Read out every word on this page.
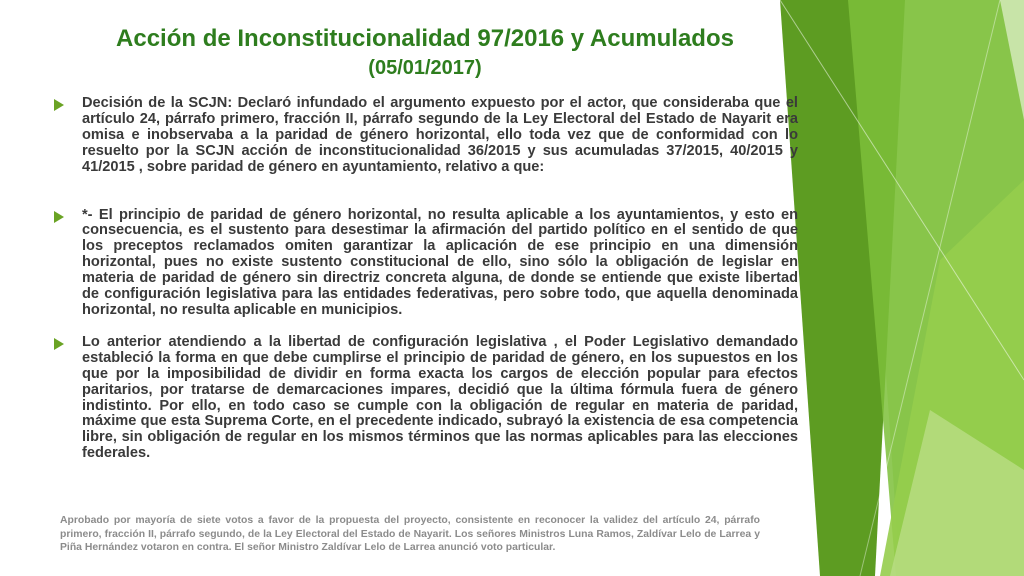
Acción de Inconstitucionalidad 97/2016 y Acumulados
(05/01/2017)

Decisión de la SCJN: Declaró infundado el argumento expuesto por el actor, que consideraba que el artículo 24, párrafo primero, fracción II, párrafo segundo de la Ley Electoral del Estado de Nayarit era omisa e inobservaba a la paridad de género horizontal, ello toda vez que de conformidad con lo resuelto por la SCJN acción de inconstitucionalidad 36/2015 y sus acumuladas 37/2015, 40/2015 y 41/2015 , sobre paridad de género en ayuntamiento, relativo a que:

*- El principio de paridad de género horizontal, no resulta aplicable a los ayuntamientos, y esto en consecuencia, es el sustento para desestimar la afirmación del partido político en el sentido de que los preceptos reclamados omiten garantizar la aplicación de ese principio en una dimensión horizontal, pues no existe sustento constitucional de ello, sino sólo la obligación de legislar en materia de paridad de género sin directriz concreta alguna, de donde se entiende que existe libertad de configuración legislativa para las entidades federativas, pero sobre todo, que aquella denominada horizontal, no resulta aplicable en municipios.

Lo anterior atendiendo a la libertad de configuración legislativa , el Poder Legislativo demandado estableció la forma en que debe cumplirse el principio de paridad de género, en los supuestos en los que por la imposibilidad de dividir en forma exacta los cargos de elección popular para efectos paritarios, por tratarse de demarcaciones impares, decidió que la última fórmula fuera de género indistinto. Por ello, en todo caso se cumple con la obligación de regular en materia de paridad, máxime que esta Suprema Corte, en el precedente indicado, subrayó la existencia de esa competencia libre, sin obligación de regular en los mismos términos que las normas aplicables para las elecciones federales.

Aprobado por mayoría de siete votos a favor de la propuesta del proyecto, consistente en reconocer la validez del artículo 24, párrafo primero, fracción II, párrafo segundo, de la Ley Electoral del Estado de Nayarit. Los señores Ministros Luna Ramos, Zaldívar Lelo de Larrea y Piña Hernández votaron en contra. El señor Ministro Zaldívar Lelo de Larrea anunció voto particular.
